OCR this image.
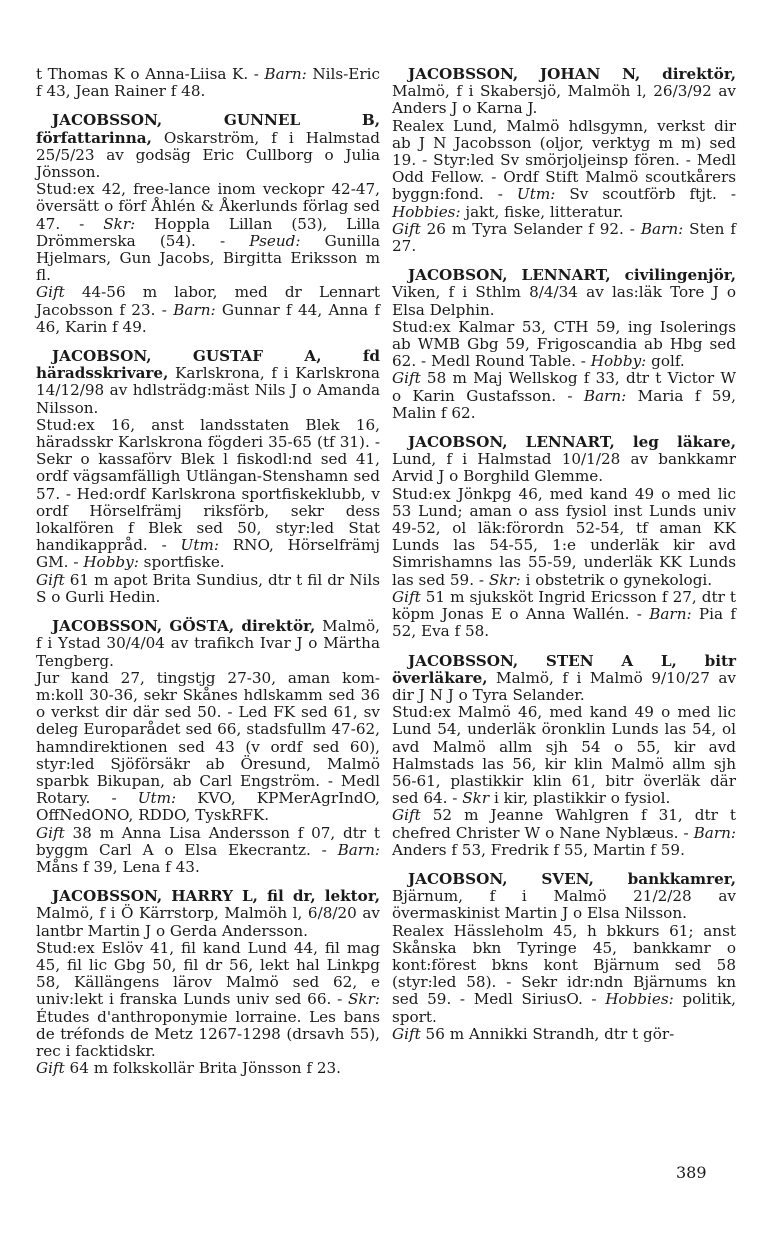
t Thomas K o Anna-Liisa K. - Barn: Nils-Eric f 43, Jean Rainer f 48.
JACOBSSON, GUNNEL B, författarinna, Oskarström, f i Halmstad 25/5/23 av godsäg Eric Cullborg o Julia Jönsson.
Stud:ex 42, free-lance inom veckopr 42-47, översätt o förf Åhlén & Åkerlunds förlag sed 47. - Skr: Hoppla Lillan (53), Lilla Drömmerska (54). - Pseud: Gunilla Hjelmars, Gun Jacobs, Birgitta Eriksson m fl.
Gift 44-56 m labor, med dr Lennart Jacobsson f 23. - Barn: Gunnar f 44, Anna f 46, Karin f 49.
JACOBSON, GUSTAF A, fd häradsskrivare, Karlskrona, f i Karlskrona 14/12/98 av hdlsträdg:mäst Nils J o Amanda Nilsson.
Stud:ex 16, anst landsstaten Blek 16, häradsskr Karlskrona fögderi 35-65 (tf 31). - Sekr o kassaförv Blek l fiskodl:nd sed 41, ordf vägsamfälligh Utlängan-Stenshamn sed 57. - Hed:ordf Karlskrona sportfiskeklubb, v ordf Hörselfrämj riksförb, sekr dess lokalfören f Blek sed 50, styr:led Stat handikappråd. - Utm: RNO, Hörselfrämj GM. - Hobby: sportfiske.
Gift 61 m apot Brita Sundius, dtr t fil dr Nils S o Gurli Hedin.
JACOBSSON, GÖSTA, direktör, Malmö, f i Ystad 30/4/04 av trafikch Ivar J o Märtha Tengberg.
Jur kand 27, tingstjg 27-30, aman kom-m:koll 30-36, sekr Skånes hdlskamm sed 36 o verkst dir där sed 50. - Led FK sed 61, sv deleg Europarådet sed 66, stadsfullm 47-62, hamndirektionen sed 43 (v ordf sed 60), styr:led Sjöförsäkr ab Öresund, Malmö sparbk Bikupan, ab Carl Engström. - Medl Rotary. - Utm: KVO, KPMerAgrIndO, OffNedONO, RDDO, TyskRFK.
Gift 38 m Anna Lisa Andersson f 07, dtr t byggm Carl A o Elsa Ekecrantz. - Barn: Måns f 39, Lena f 43.
JACOBSSON, HARRY L, fil dr, lektor, Malmö, f i Ö Kärrstorp, Malmöh l, 6/8/20 av lantbr Martin J o Gerda Andersson.
Stud:ex Eslöv 41, fil kand Lund 44, fil mag 45, fil lic Gbg 50, fil dr 56, lekt hal Linkpg 58, Källängens lärov Malmö sed 62, e univ:lekt i franska Lunds univ sed 66. - Skr: Études d'anthroponymie lorraine. Les bans de tréfonds de Metz 1267-1298 (drsavh 55), rec i facktidskr.
Gift 64 m folkskollär Brita Jönsson f 23.
JACOBSSON, JOHAN N, direktör, Malmö, f i Skabersjö, Malmöh l, 26/3/92 av Anders J o Karna J.
Realex Lund, Malmö hdlsgymn, verkst dir ab J N Jacobsson (oljor, verktyg m m) sed 19. - Styr:led Sv smörjoljeinsp fören. - Medl Odd Fellow. - Ordf Stift Malmö scoutkårers byggn:fond. - Utm: Sv scoutförb ftjt. - Hobbies: jakt, fiske, litteratur.
Gift 26 m Tyra Selander f 92. - Barn: Sten f 27.
JACOBSON, LENNART, civilingenjör, Viken, f i Sthlm 8/4/34 av las:läk Tore J o Elsa Delphin.
Stud:ex Kalmar 53, CTH 59, ing Isolerings ab WMB Gbg 59, Frigoscandia ab Hbg sed 62. - Medl Round Table. - Hobby: golf.
Gift 58 m Maj Wellskog f 33, dtr t Victor W o Karin Gustafsson. - Barn: Maria f 59, Malin f 62.
JACOBSON, LENNART, leg läkare, Lund, f i Halmstad 10/1/28 av bankkamr Arvid J o Borghild Glemme.
Stud:ex Jönkpg 46, med kand 49 o med lic 53 Lund; aman o ass fysiol inst Lunds univ 49-52, ol läk:förordn 52-54, tf aman KK Lunds las 54-55, 1:e underläk kir avd Simrishamns las 55-59, underläk KK Lunds las sed 59. - Skr: i obstetrik o gynekologi.
Gift 51 m sjuksköt Ingrid Ericsson f 27, dtr t köpm Jonas E o Anna Wallén. - Barn: Pia f 52, Eva f 58.
JACOBSSON, STEN A L, bitr överläkare, Malmö, f i Malmö 9/10/27 av dir J N J o Tyra Selander.
Stud:ex Malmö 46, med kand 49 o med lic Lund 54, underläk öronklin Lunds las 54, ol avd Malmö allm sjh 54 o 55, kir avd Halmstads las 56, kir klin Malmö allm sjh 56-61, plastikkir klin 61, bitr överläk där sed 64. - Skr i kir, plastikkir o fysiol.
Gift 52 m Jeanne Wahlgren f 31, dtr t chefred Christer W o Nane Nyblæus. - Barn: Anders f 53, Fredrik f 55, Martin f 59.
JACOBSON, SVEN, bankkamrer, Bjärnum, f i Malmö 21/2/28 av övermaskinist Martin J o Elsa Nilsson.
Realex Hässleholm 45, h bkkurs 61; anst Skånska bkn Tyringe 45, bankkamr o kont:förest bkns kont Bjärnum sed 58 (styr:led 58). - Sekr idr:ndn Bjärnums kn sed 59. - Medl SiriusO. - Hobbies: politik, sport.
Gift 56 m Annikki Strandh, dtr t gör-
389
